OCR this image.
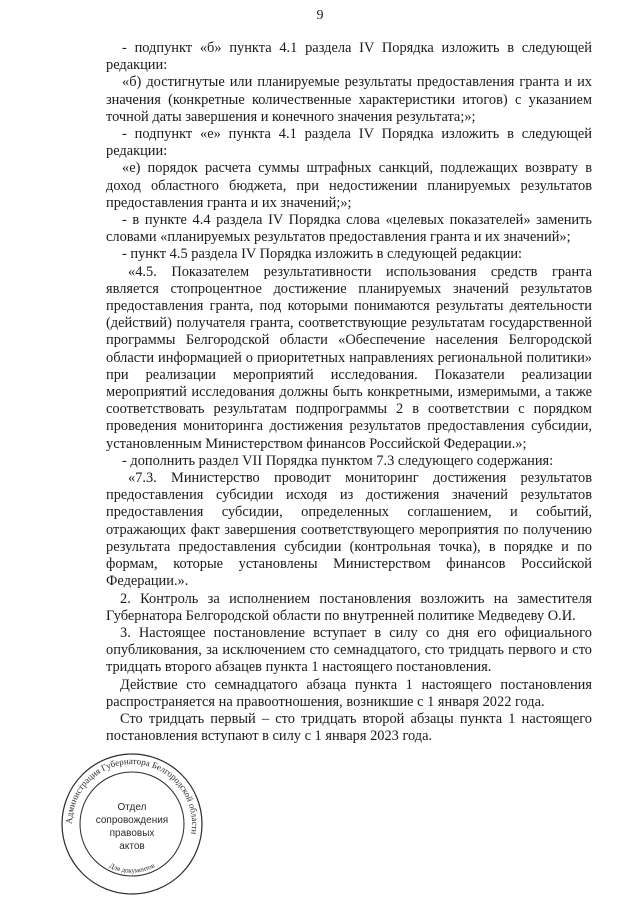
9

- подпункт «б» пункта 4.1 раздела IV Порядка изложить в следующей редакции:

«б) достигнутые или планируемые результаты предоставления гранта и их значения (конкретные количественные характеристики итогов) с указанием точной даты завершения и конечного значения результата;»;

- подпункт «е» пункта 4.1 раздела IV Порядка изложить в следующей редакции:

«е) порядок расчета суммы штрафных санкций, подлежащих возврату в доход областного бюджета, при недостижении планируемых результатов предоставления гранта и их значений;»;

- в пункте 4.4 раздела IV Порядка слова «целевых показателей» заменить словами «планируемых результатов предоставления гранта и их значений»;

- пункт 4.5 раздела IV Порядка изложить в следующей редакции:

«4.5. Показателем результативности использования средств гранта является стопроцентное достижение планируемых значений результатов предоставления гранта, под которыми понимаются результаты деятельности (действий) получателя гранта, соответствующие результатам государственной программы Белгородской области «Обеспечение населения Белгородской области информацией о приоритетных направлениях региональной политики» при реализации мероприятий исследования. Показатели реализации мероприятий исследования должны быть конкретными, измеримыми, а также соответствовать результатам подпрограммы 2 в соответствии с порядком проведения мониторинга достижения результатов предоставления субсидии, установленным Министерством финансов Российской Федерации.»;

- дополнить раздел VII Порядка пунктом 7.3 следующего содержания:

«7.3. Министерство проводит мониторинг достижения результатов предоставления субсидии исходя из достижения значений результатов предоставления субсидии, определенных соглашением, и событий, отражающих факт завершения соответствующего мероприятия по получению результата предоставления субсидии (контрольная точка), в порядке и по формам, которые установлены Министерством финансов Российской Федерации.».

2. Контроль за исполнением постановления возложить на заместителя Губернатора Белгородской области по внутренней политике Медведеву О.И.

3. Настоящее постановление вступает в силу со дня его официального опубликования, за исключением сто семнадцатого, сто тридцать первого и сто тридцать второго абзацев пункта 1 настоящего постановления.

Действие сто семнадцатого абзаца пункта 1 настоящего постановления распространяется на правоотношения, возникшие с 1 января 2022 года.

Сто тридцать первый – сто тридцать второй абзацы пункта 1 настоящего постановления вступают в силу с 1 января 2023 года.

Администрация Губернатора Белгородской области
Для документов
Отдел
сопровождения
правовых
актов
